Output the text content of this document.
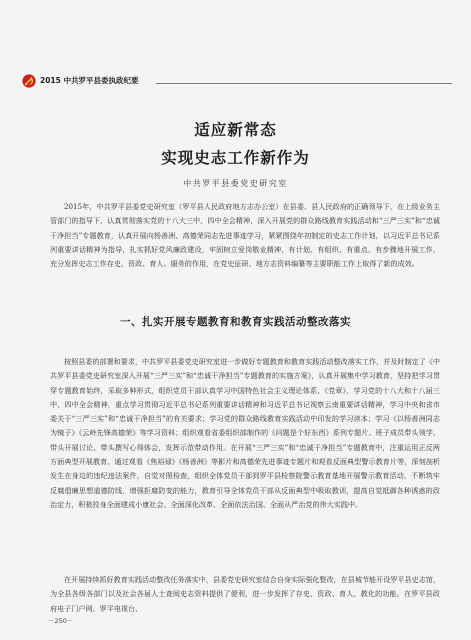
2015 中共罗平县委执政纪要
适应新常态
实现史志工作新作为
中共罗平县委党史研究室

2015年，中共罗平县委党史研究室（罗平县人民政府地方志办公室）在县委、县人民政府的正确领导下，在上级业务主管部门的指导下，认真贯彻落实党的十八大三中、四中全会精神，深入开展党的群众路线教育实践活动和“三严三实”和“忠诚干净担当”专题教育，认真开展向杨善洲、高德荣同志先进事迹学习，紧紧围绕年初制定的史志工作计划，以习近平总书记系列重要讲话精神为指导，扎实抓好党风廉政建设，牢固树立爱岗敬业精神，有计划、有组织、有重点、有步骤地开展工作，充分发挥史志工作存史、资政、育人、服务的作用，在党史征研、地方志资料编纂等主要职能工作上取得了新的成效。

一、扎实开展专题教育和教育实践活动整改落实

按照县委的部署和要求，中共罗平县委党史研究室进一步做好专题教育和教育实践活动整改落实工作，并及时制定了《中共罗平县委党史研究室深入开展“三严三实”和“忠诚干净担当”专题教育的实施方案》，认真开展集中学习教育，坚持把学习贯穿专题教育始终，采取多种形式，组织党员干部认真学习中国特色社会主义理论体系、《党章》，学习党的十八大和十八届三中、四中全会精神，重点学习贯彻习近平总书记系列重要讲话精神和习近平总书记视察云南重要讲话精神，学习中央和省市委关于“三严三实”和“忠诚干净担当”的有关要求；学习党的群众路线教育实践活动中印发的学习读本；学习《以杨善洲同志为镜子》《云岭先锋高德荣》等学习资料；组织观看省委组织部制作的《问题是个好东西》系列专题片。班子成员带头领学、带头开展讨论、带头撰写心得体会，发挥示范带动作用。在开展“三严三实”和“忠诚干净担当”专题教育中，注重运用正反两方面典型开展教育。通过观看《焦裕禄》《杨善洲》等影片和高德荣先进事迹专题片和观看反面典型警示教育片等，深刻剖析发生在身边的违纪违法案件，自觉对照检查，组织全体党员干部到罗平县检察院警示教育基地开展警示教育活动，不断筑牢反腐倡廉思想道德防线，增强拒腐防变的能力，教育引导全体党员干部从反面典型中吸取教训，提高自觉抵御各种诱惑的政治定力，积极投身全面建成小康社会、全面深化改革、全面依法治国、全面从严治党的伟大实践中。

在开展持续抓好教育实践活动整改任务落实中，县委党史研究室结合自身实际强化整改，在县城节能开设罗平县史志馆，为全县各级各部门以及社会各届人士查阅史志资料提供了便利，进一步发挥了存史、资政、育人、教化的功能。在罗平县政府电子门户网、罗平电视台、

－250－
